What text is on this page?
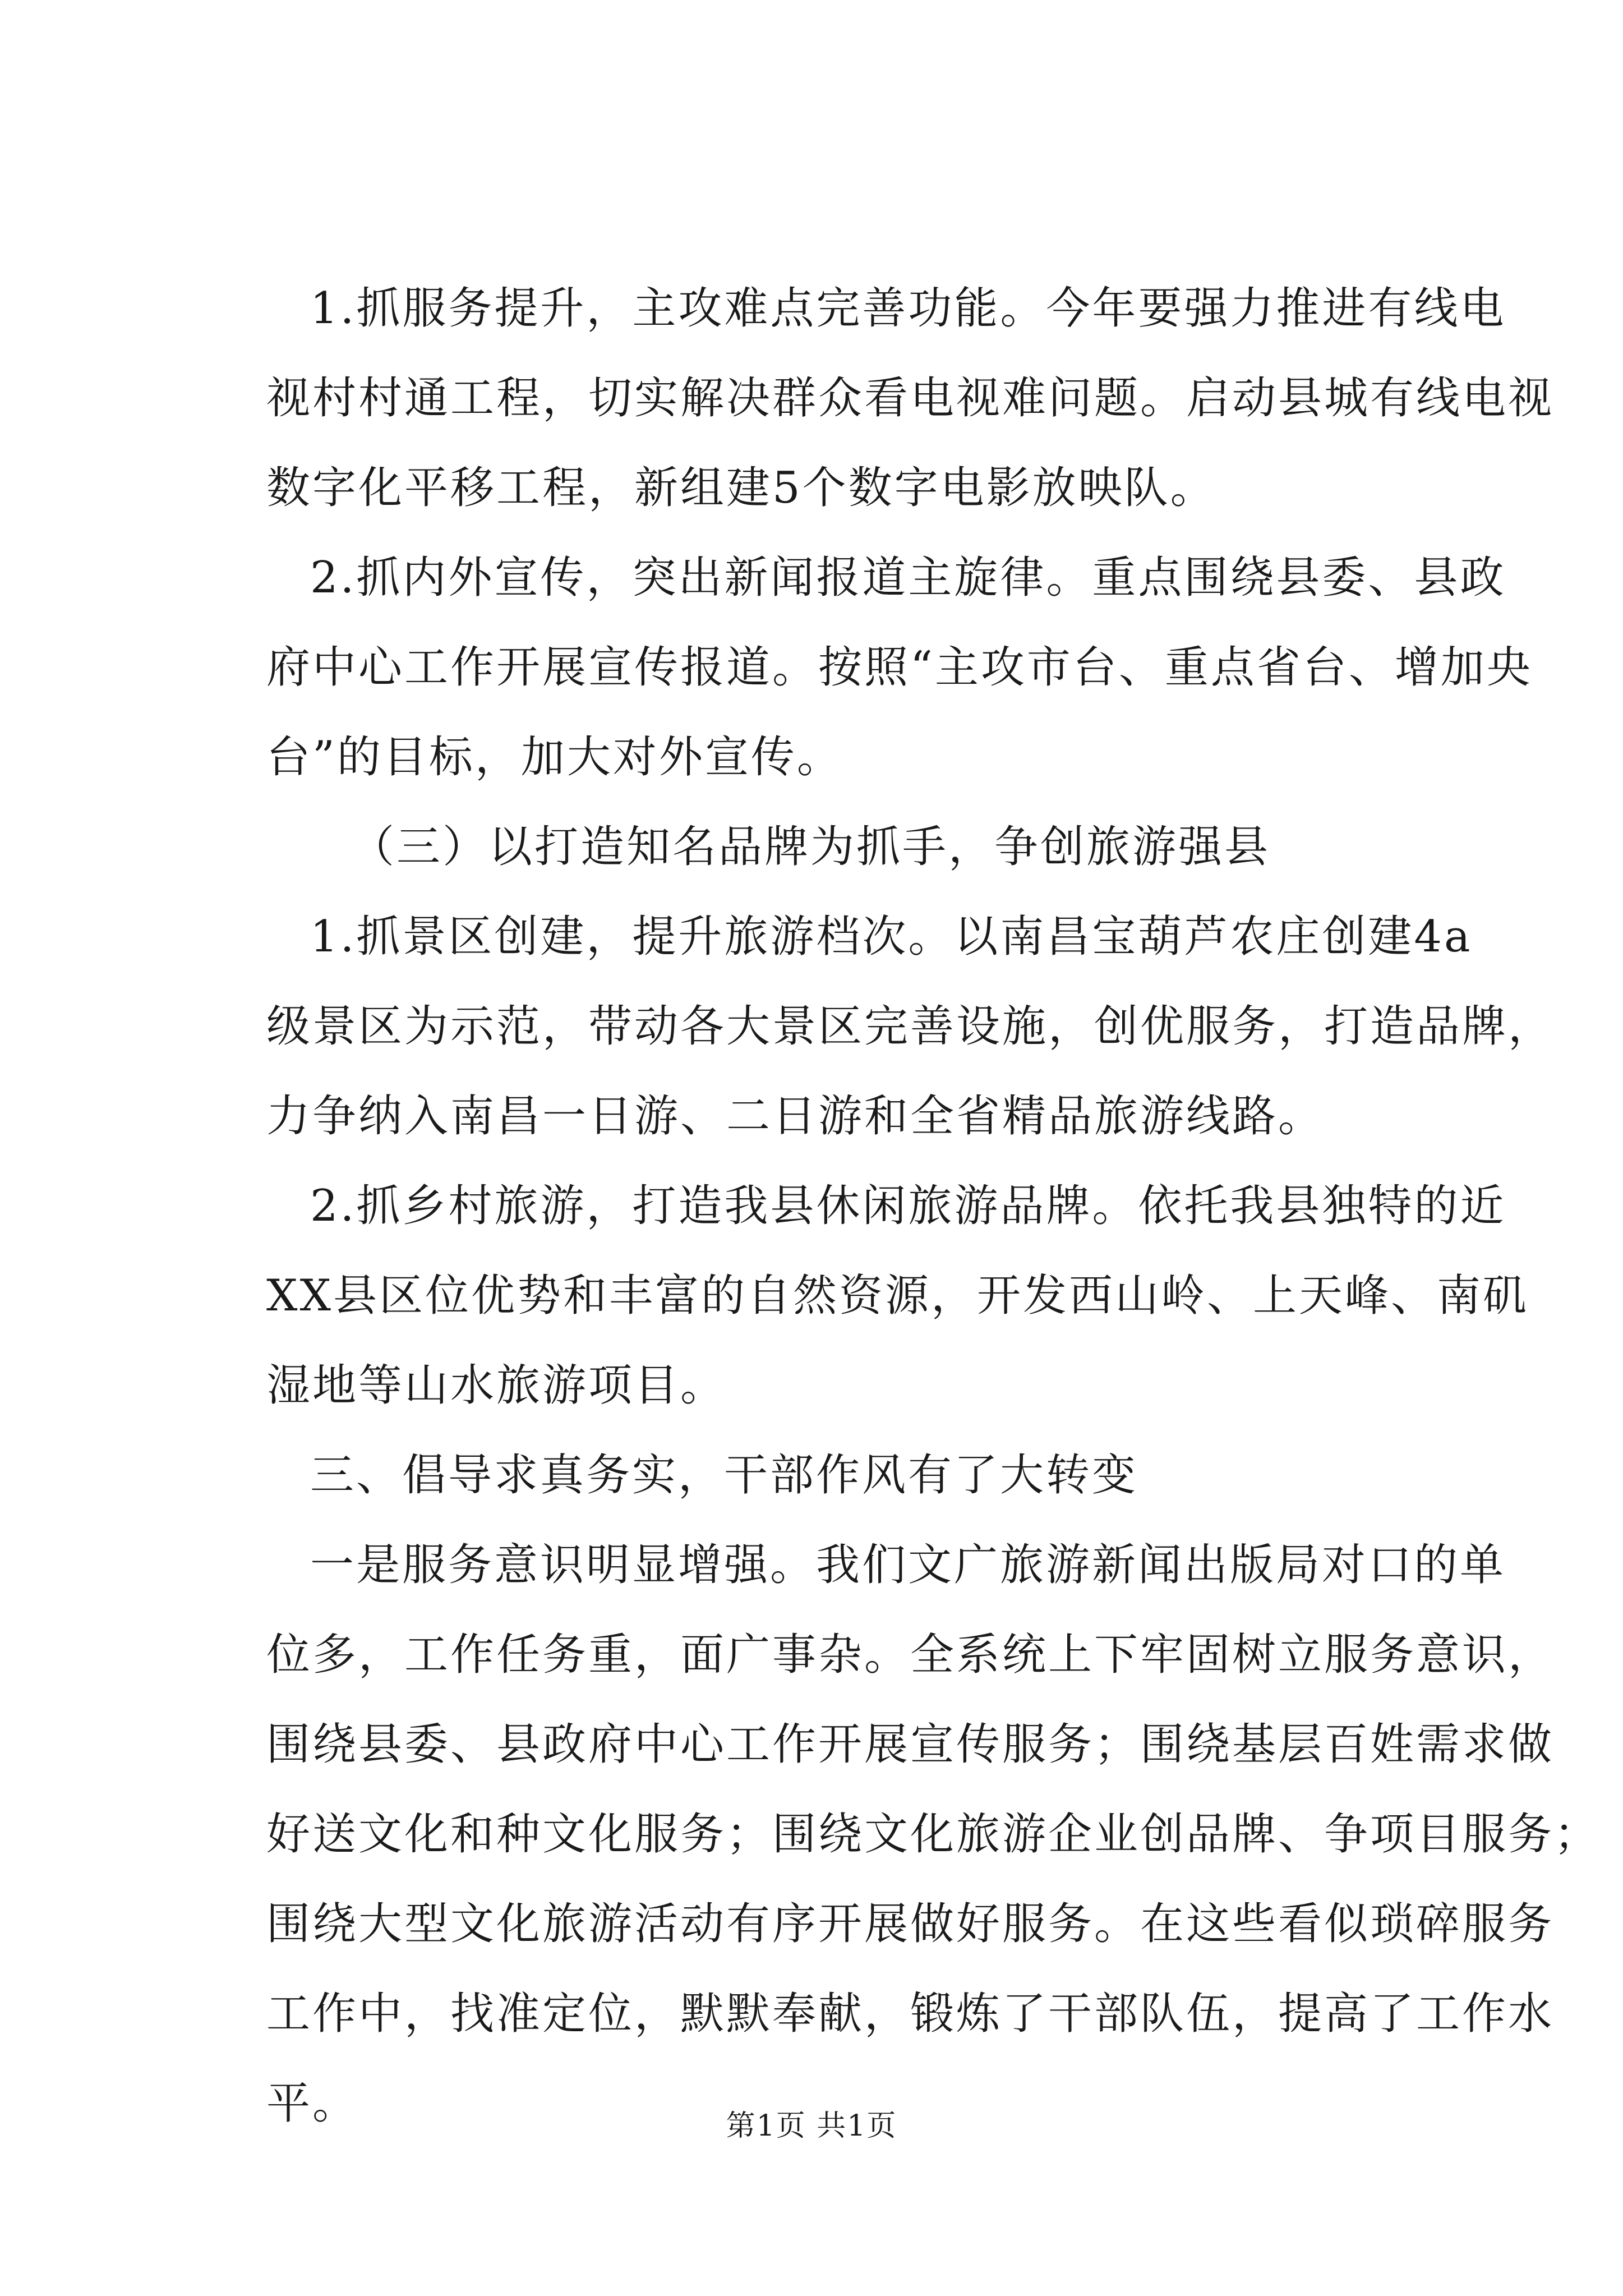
1.抓服务提升，主攻难点完善功能。今年要强力推进有线电
视村村通工程，切实解决群众看电视难问题。启动县城有线电视
数字化平移工程，新组建5个数字电影放映队。

2.抓内外宣传，突出新闻报道主旋律。重点围绕县委、县政
府中心工作开展宣传报道。按照“主攻市台、重点省台、增加央
台”的目标，加大对外宣传。

（三）以打造知名品牌为抓手，争创旅游强县

1.抓景区创建，提升旅游档次。以南昌宝葫芦农庄创建4a
级景区为示范，带动各大景区完善设施，创优服务，打造品牌，
力争纳入南昌一日游、二日游和全省精品旅游线路。

2.抓乡村旅游，打造我县休闲旅游品牌。依托我县独特的近
XX县区位优势和丰富的自然资源，开发西山岭、上天峰、南矶
湿地等山水旅游项目。

三、倡导求真务实，干部作风有了大转变

一是服务意识明显增强。我们文广旅游新闻出版局对口的单
位多，工作任务重，面广事杂。全系统上下牢固树立服务意识，
围绕县委、县政府中心工作开展宣传服务；围绕基层百姓需求做
好送文化和种文化服务；围绕文化旅游企业创品牌、争项目服务；
围绕大型文化旅游活动有序开展做好服务。在这些看似琐碎服务
工作中，找准定位，默默奉献，锻炼了干部队伍，提高了工作水
平。	第1页 共1页
